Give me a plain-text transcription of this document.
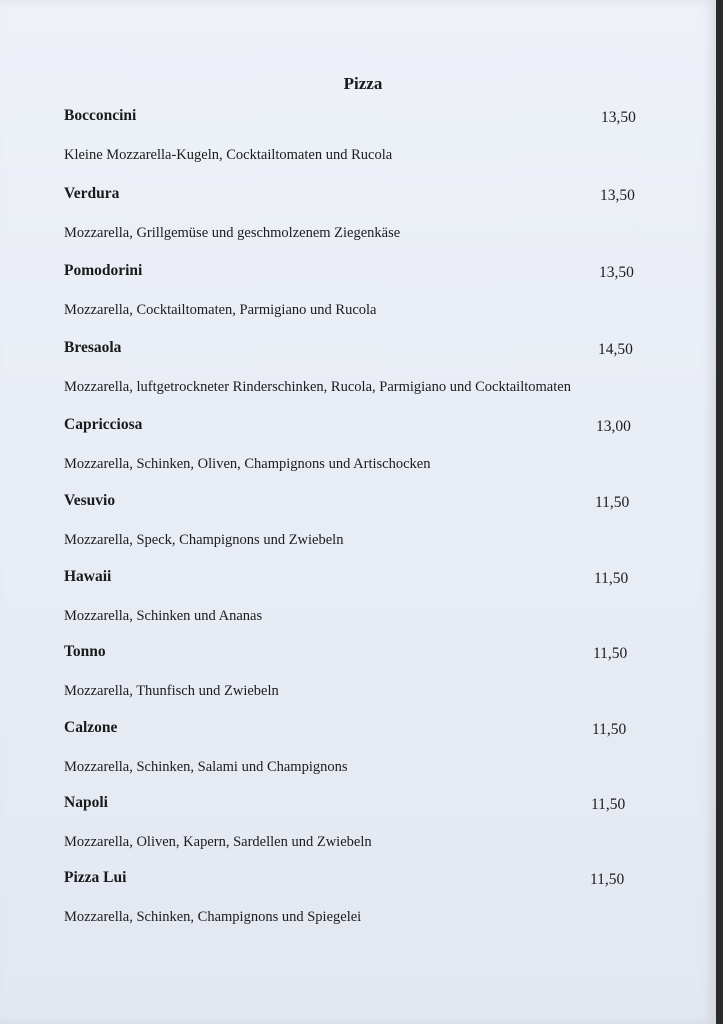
Pizza
Bocconcini	13,50
Kleine Mozzarella-Kugeln, Cocktailtomaten und Rucola
Verdura	13,50
Mozzarella, Grillgemüse und geschmolzenem Ziegenkäse
Pomodorini	13,50
Mozzarella, Cocktailtomaten, Parmigiano und Rucola
Bresaola	14,50
Mozzarella, luftgetrockneter Rinderschinken, Rucola, Parmigiano und Cocktailtomaten
Capricciosa	13,00
Mozzarella, Schinken, Oliven, Champignons und Artischocken
Vesuvio	11,50
Mozzarella, Speck, Champignons und Zwiebeln
Hawaii	11,50
Mozzarella, Schinken und Ananas
Tonno	11,50
Mozzarella, Thunfisch und Zwiebeln
Calzone	11,50
Mozzarella, Schinken, Salami und Champignons
Napoli	11,50
Mozzarella, Oliven, Kapern, Sardellen und Zwiebeln
Pizza Lui	11,50
Mozzarella, Schinken, Champignons und Spiegelei
